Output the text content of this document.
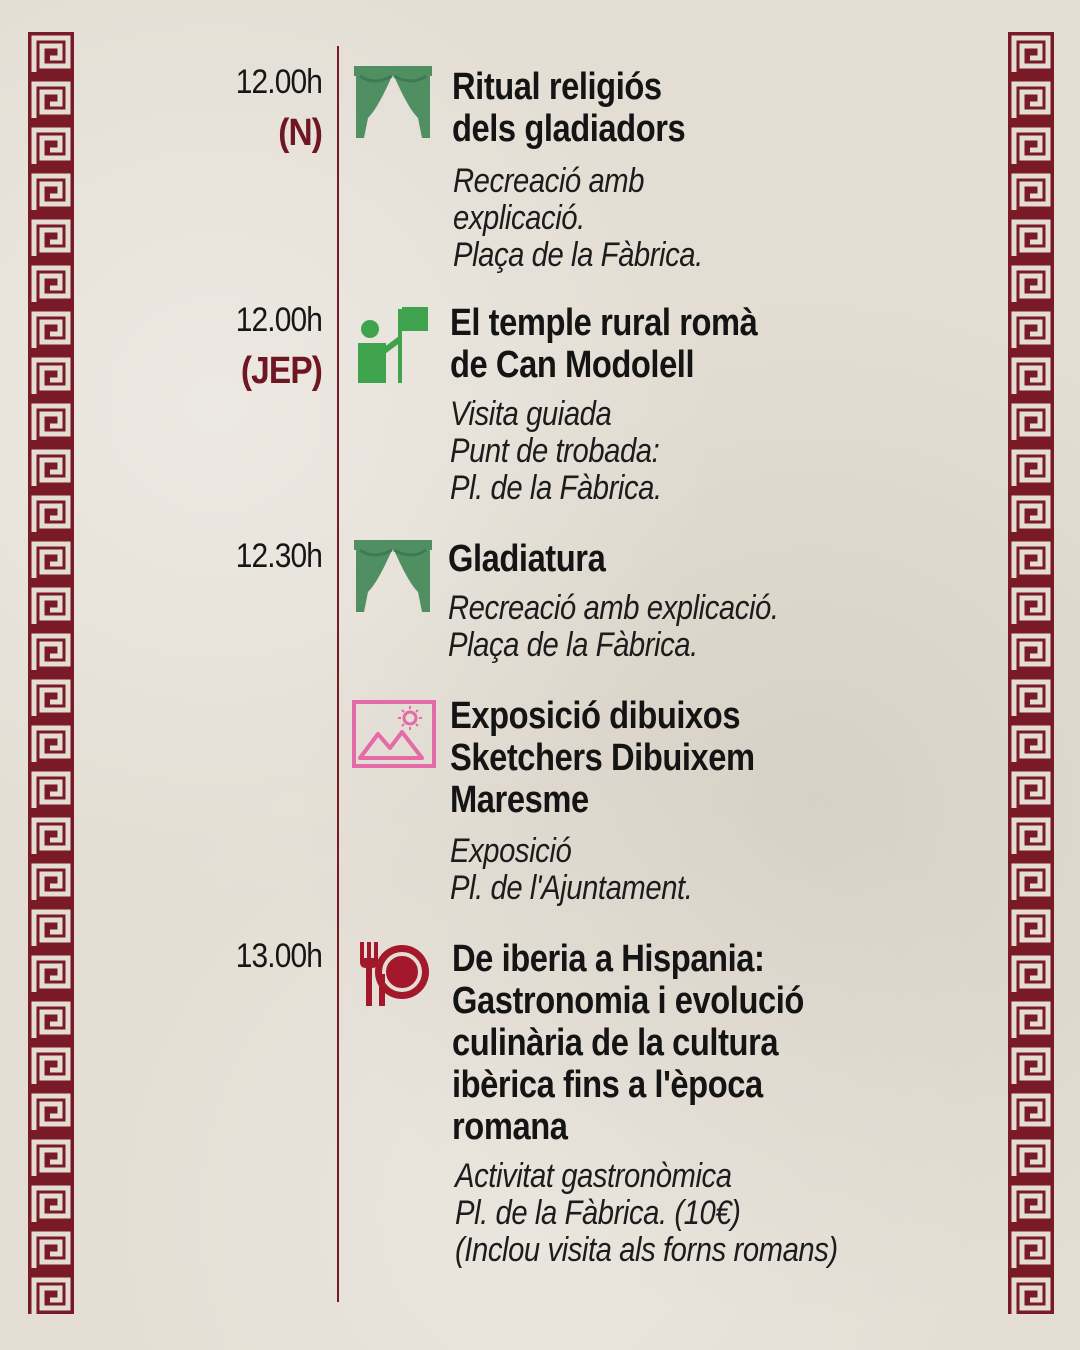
12.00h
(N)
Ritual religiós
dels gladiadors
Recreació amb
explicació.
Plaça de la Fàbrica.
12.00h
(JEP)
El temple rural romà
de Can Modolell
Visita guiada
Punt de trobada:
Pl. de la Fàbrica.
12.30h	Gladiatura
Recreació amb explicació.
Plaça de la Fàbrica.
Exposició dibuixos
Sketchers Dibuixem
Maresme
Exposició
Pl. de l'Ajuntament.
13.00h	De iberia a Hispania:
Gastronomia i evolució
culinària de la cultura
ibèrica fins a l'època
romana
Activitat gastronòmica
Pl. de la Fàbrica. (10€)
(Inclou visita als forns romans)
